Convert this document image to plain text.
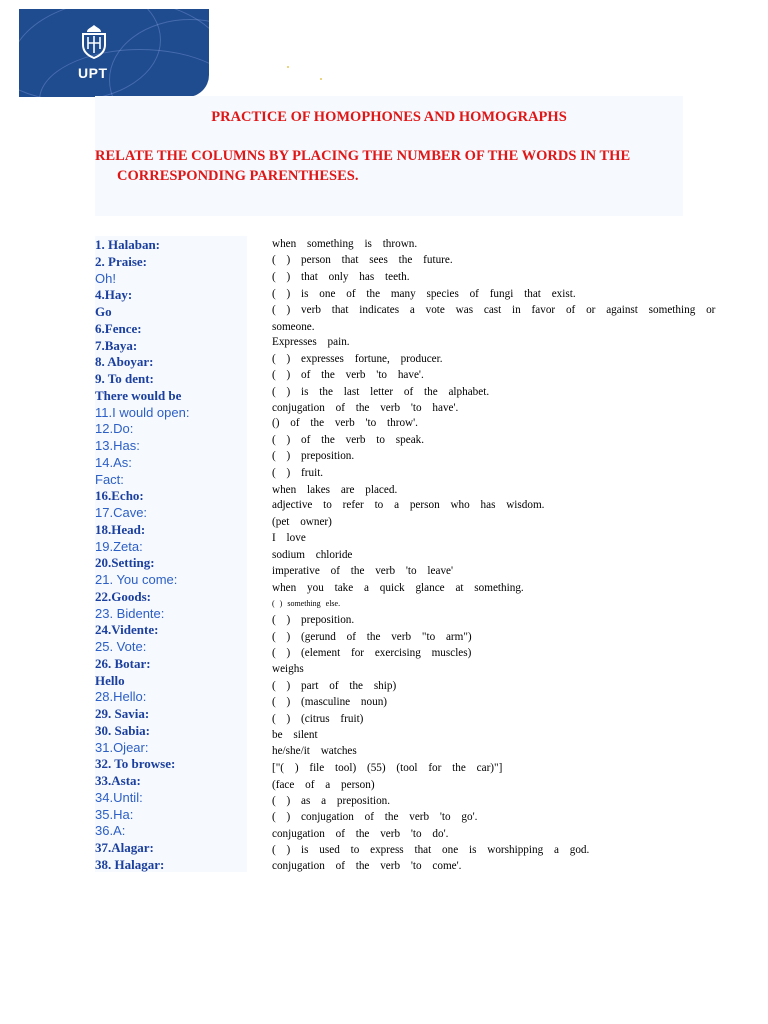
UPT
PRACTICE OF HOMOPHONES AND HOMOGRAPHS
RELATE THE COLUMNS BY PLACING THE NUMBER OF THE WORDS IN THE
CORRESPONDING PARENTHESES.
1. Halaban:
2. Praise:
Oh!
4.Hay:
Go
6.Fence:
7.Baya:
8. Aboyar:
9. To dent:
There would be
11.I would open:
12.Do:
13.Has:
14.As:
Fact:
16.Echo:
17.Cave:
18.Head:
19.Zeta:
20.Setting:
21. You come:
22.Goods:
23. Bidente:
24.Vidente:
25. Vote:
26. Botar:
Hello
28.Hello:
29. Savia:
30. Sabia:
31.Ojear:
32. To browse:
33.Asta:
34.Until:
35.Ha:
36.A:
37.Alagar:
38. Halagar:
when something is thrown.
( ) person that sees the future.
( ) that only has teeth.
( ) is one of the many species of fungi that exist.
( ) verb that indicates a vote was cast in favor of or against something or
someone.
Expresses pain.
( ) expresses fortune, producer.
( ) of the verb 'to have'.
( ) is the last letter of the alphabet.
conjugation of the verb 'to have'.
() of the verb 'to throw'.
( ) of the verb to speak.
( ) preposition.
( ) fruit.
when lakes are placed.
adjective to refer to a person who has wisdom.
(pet owner)
I love
sodium chloride
imperative of the verb 'to leave'
when you take a quick glance at something.
( ) something else.
( ) preposition.
( ) (gerund of the verb "to arm")
( ) (element for exercising muscles)
weighs
( ) part of the ship)
( ) (masculine noun)
( ) (citrus fruit)
be silent
he/she/it watches
["( ) file tool) (55) (tool for the car)"]
(face of a person)
( ) as a preposition.
( ) conjugation of the verb 'to go'.
conjugation of the verb 'to do'.
( ) is used to express that one is worshipping a god.
conjugation of the verb 'to come'.
